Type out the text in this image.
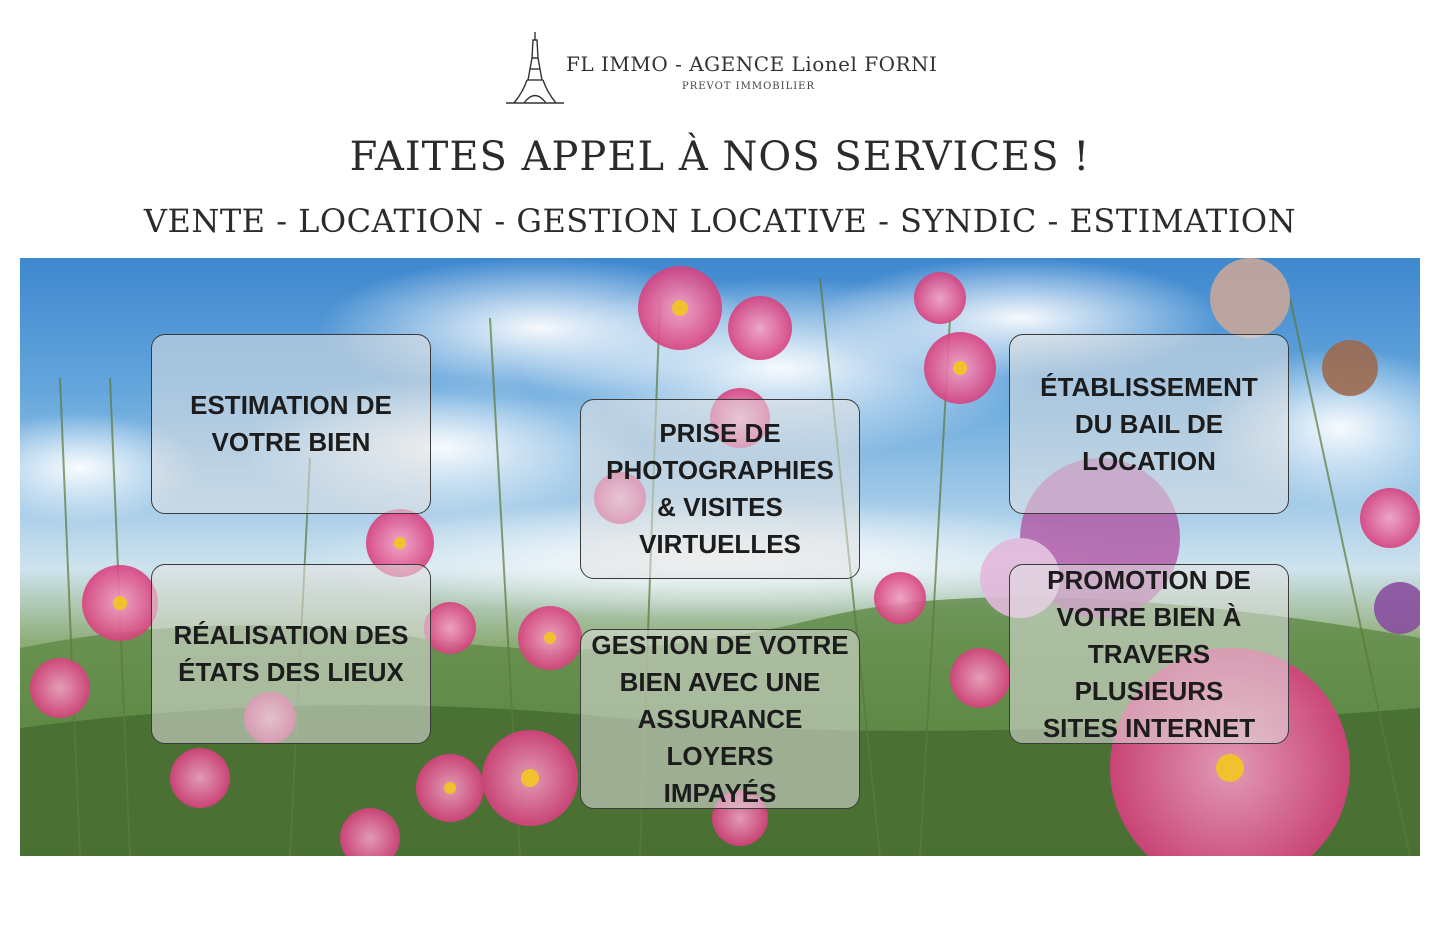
FL IMMO - AGENCE Lionel FORNI
PREVOT IMMOBILIER
FAITES APPEL À NOS SERVICES !
VENTE - LOCATION - GESTION LOCATIVE - SYNDIC - ESTIMATION
ESTIMATION DE
VOTRE BIEN
RÉALISATION DES
ÉTATS DES LIEUX
PRISE DE
PHOTOGRAPHIES
& VISITES
VIRTUELLES
GESTION DE VOTRE
BIEN AVEC UNE
ASSURANCE LOYERS
IMPAYÉS
ÉTABLISSEMENT
DU BAIL DE
LOCATION
PROMOTION DE
VOTRE BIEN À
TRAVERS PLUSIEURS
SITES INTERNET
